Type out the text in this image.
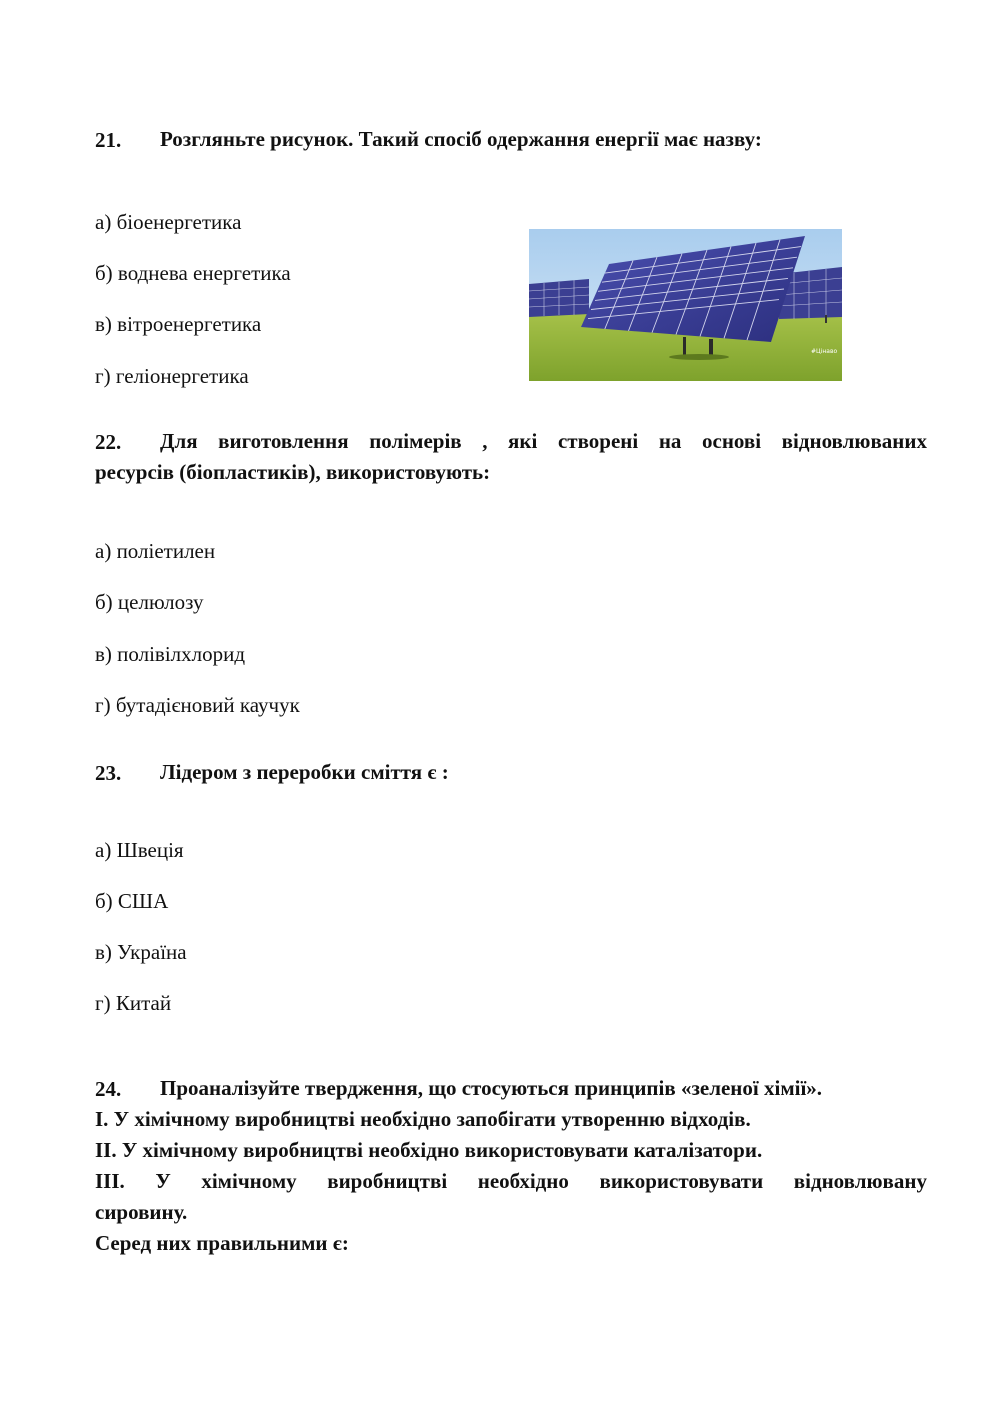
21. Розгляньте рисунок. Такий спосіб одержання енергії має назву:
а) біоенергетика
б) воднева енергетика
в) вітроенергетика
г) геліонергетика
#Цінаво
22. Для виготовлення полімерів , які створені на основі відновлюваних
ресурсів (біопластиків), використовують:
а) поліетилен
б) целюлозу
в) полівілхлорид
г) бутадієновий каучук
23. Лідером з переробки сміття є :
а) Швеція
б) США
в) Україна
г) Китай
24. Проаналізуйте твердження, що стосуються принципів «зеленої хімії».
I. У хімічному виробництві необхідно запобігати утворенню відходів.
II. У хімічному виробництві необхідно використовувати каталізатори.
III. У хімічному виробництві необхідно використовувати відновлювану
сировину.
Серед них правильними є:
